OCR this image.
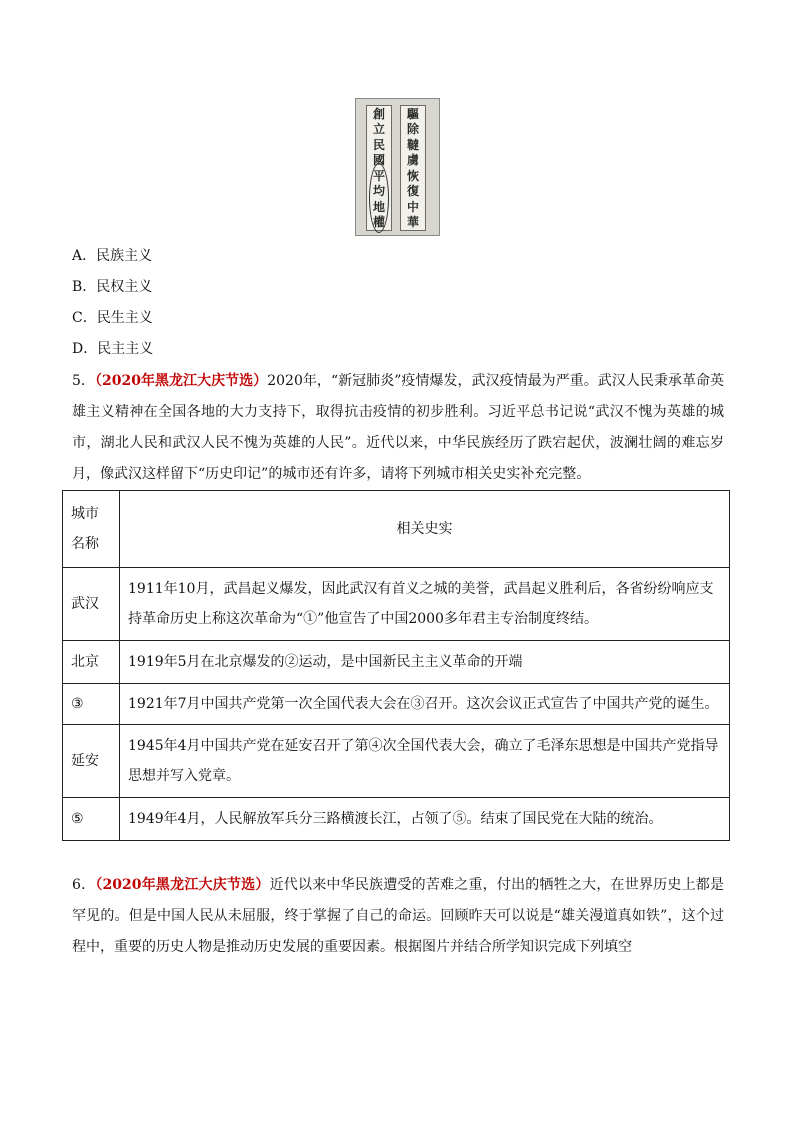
創
立
民
國
平
均
地
權
驅
除
韃
虜
恢
復
中
華
A．民族主义
B．民权主义
C．民生主义
D．民主主义
5．（2020年黑龙江大庆节选）2020年，“新冠肺炎”疫情爆发，武汉疫情最为严重。武汉人民秉承革命英雄主义精神在全国各地的大力支持下，取得抗击疫情的初步胜利。习近平总书记说“武汉不愧为英雄的城市，湖北人民和武汉人民不愧为英雄的人民”。近代以来，中华民族经历了跌宕起伏，波澜壮阔的难忘岁月，像武汉这样留下“历史印记”的城市还有许多，请将下列城市相关史实补充完整。
城市名称	相关史实
武汉	1911年10月，武昌起义爆发，因此武汉有首义之城的美誉，武昌起义胜利后，各省纷纷响应支持革命历史上称这次革命为“①”他宣告了中国2000多年君主专治制度终结。
北京	1919年5月在北京爆发的②运动，是中国新民主主义革命的开端
③	1921年7月中国共产党第一次全国代表大会在③召开。这次会议正式宣告了中国共产党的诞生。
延安	1945年4月中国共产党在延安召开了第④次全国代表大会，确立了毛泽东思想是中国共产党指导思想并写入党章。
⑤	1949年4月，人民解放军兵分三路横渡长江，占领了⑤。结束了国民党在大陆的统治。
6．（2020年黑龙江大庆节选）近代以来中华民族遭受的苦难之重，付出的牺牲之大，在世界历史上都是罕见的。但是中国人民从未屈服，终于掌握了自己的命运。回顾昨天可以说是“雄关漫道真如铁”，这个过程中，重要的历史人物是推动历史发展的重要因素。根据图片并结合所学知识完成下列填空
